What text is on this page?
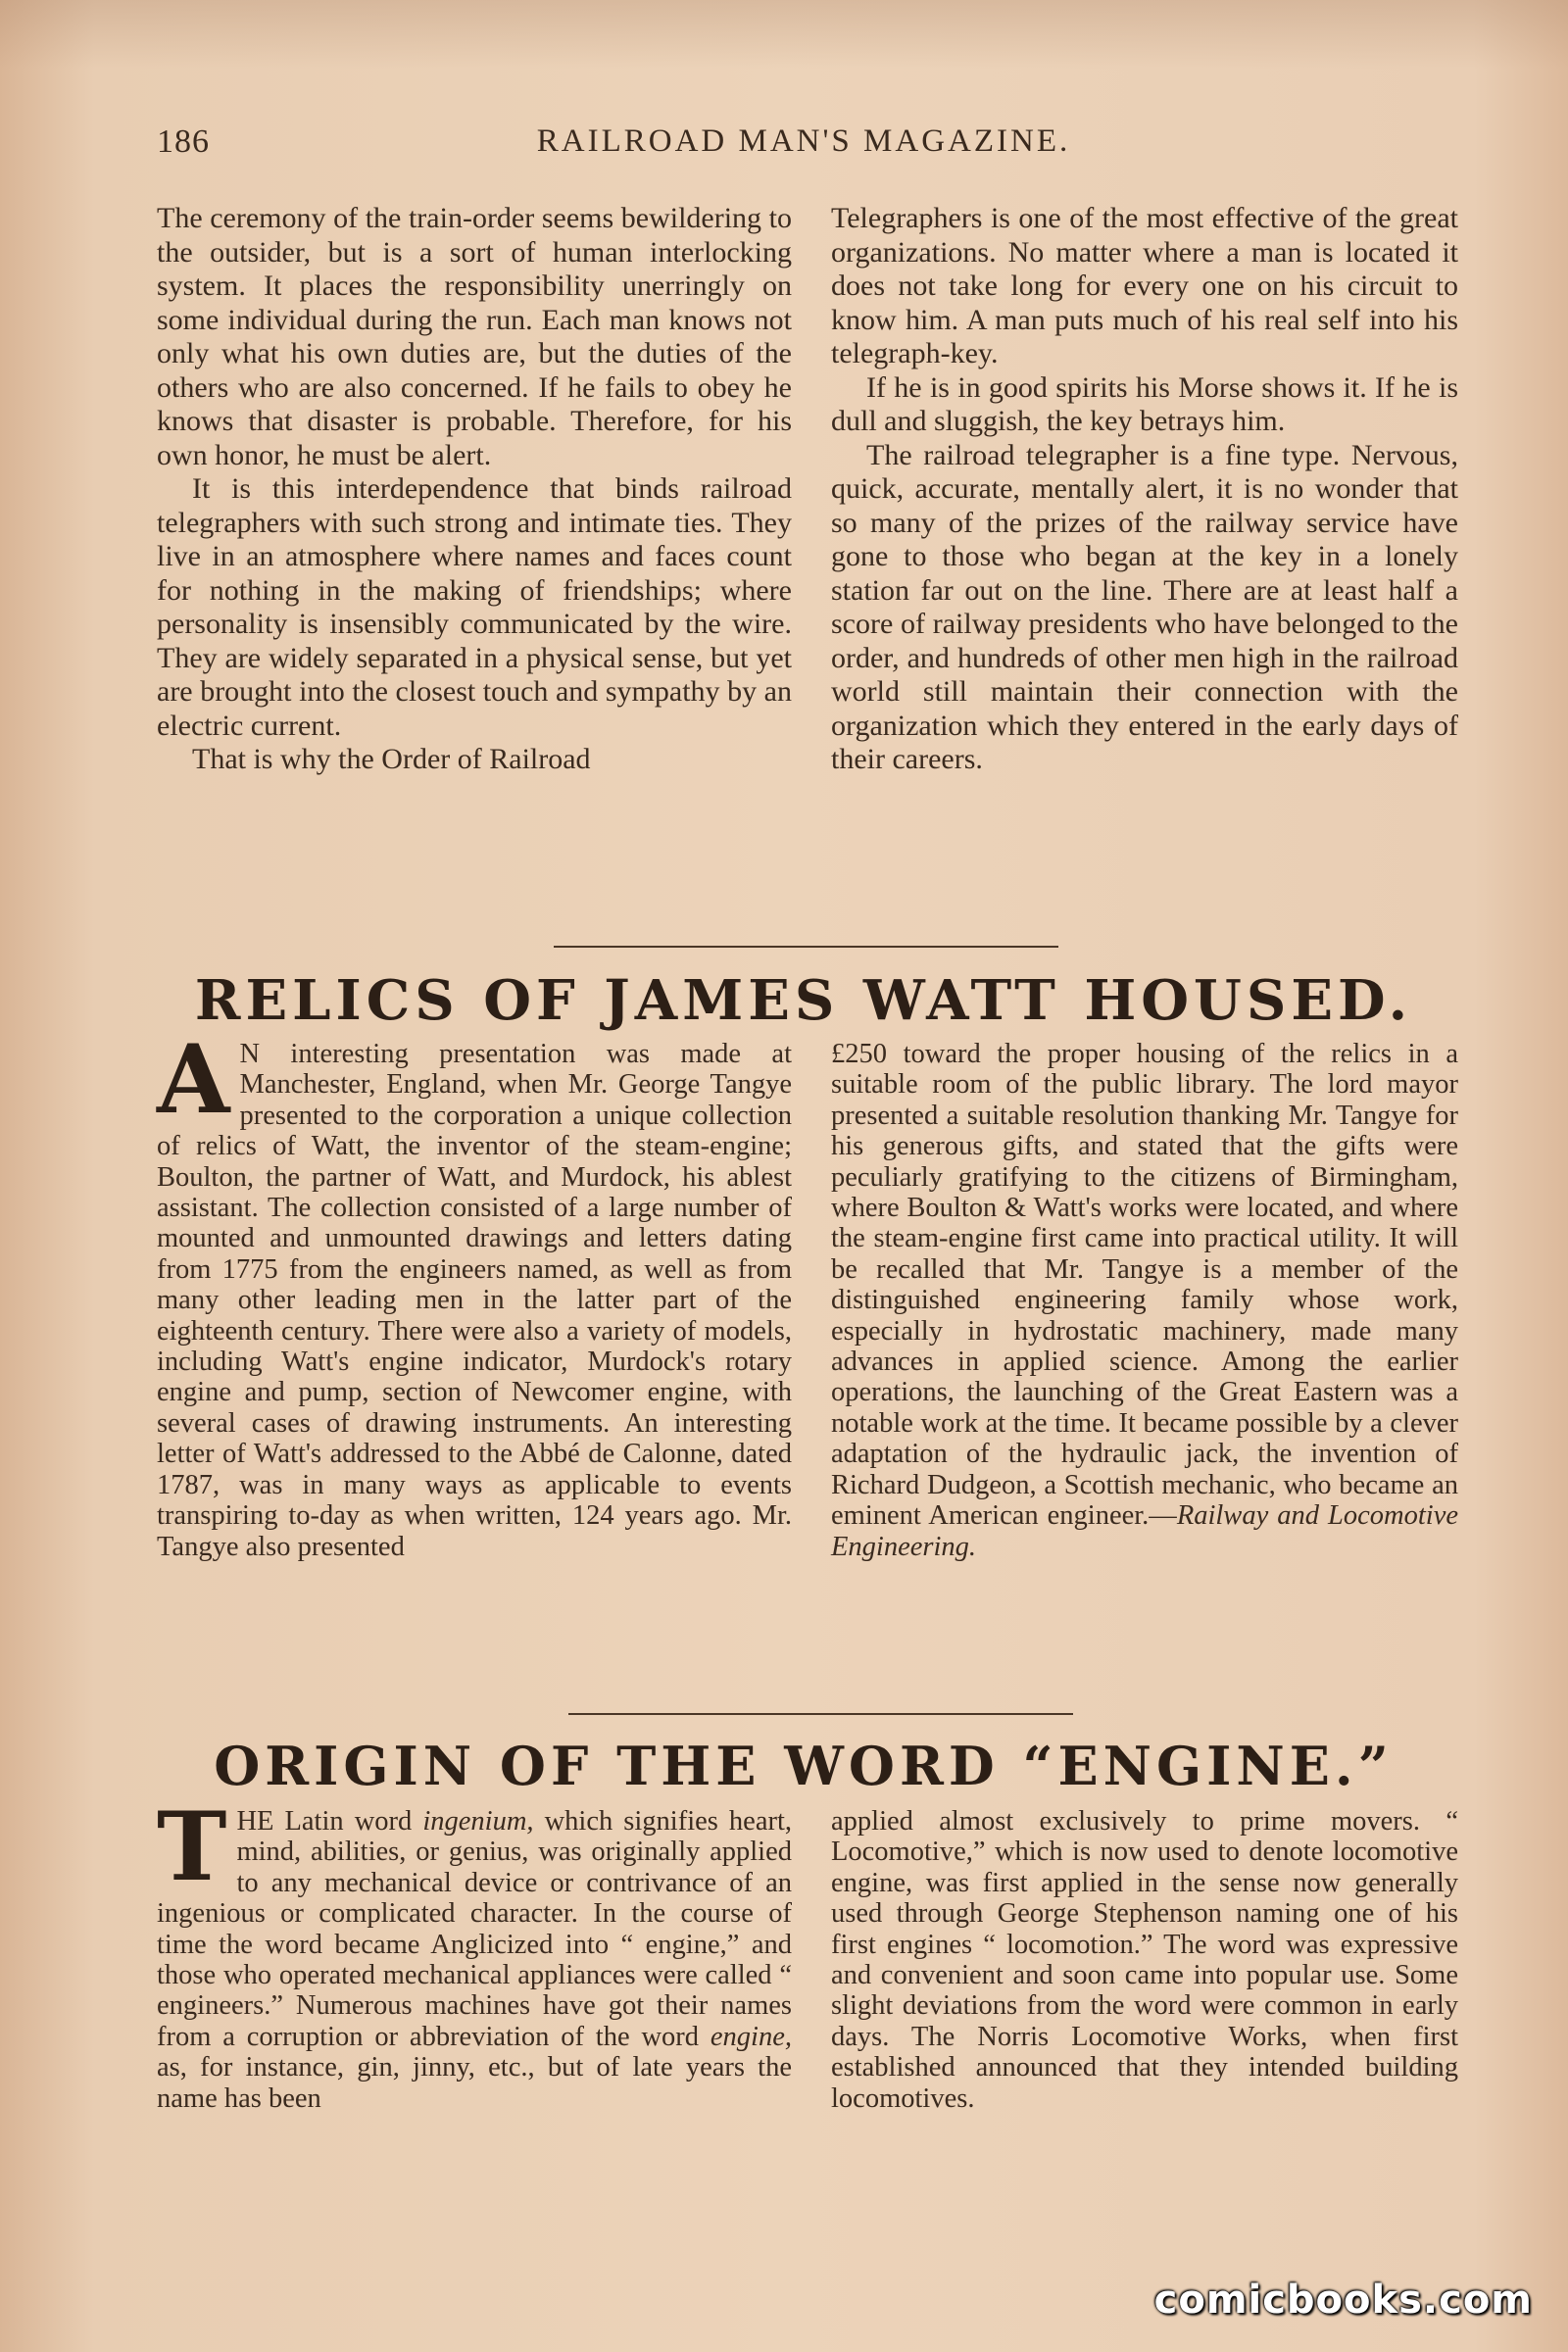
186	RAILROAD MAN'S MAGAZINE.

The ceremony of the train-order seems bewildering to the outsider, but is a sort of human interlocking system. It places the responsibility unerringly on some individual during the run. Each man knows not only what his own duties are, but the duties of the others who are also concerned. If he fails to obey he knows that disaster is probable. Therefore, for his own honor, he must be alert.

It is this interdependence that binds railroad telegraphers with such strong and intimate ties. They live in an atmosphere where names and faces count for nothing in the making of friendships; where personality is insensibly communicated by the wire. They are widely separated in a physical sense, but yet are brought into the closest touch and sympathy by an electric current.

That is why the Order of Railroad

Telegraphers is one of the most effective of the great organizations. No matter where a man is located it does not take long for every one on his circuit to know him. A man puts much of his real self into his telegraph-key.

If he is in good spirits his Morse shows it. If he is dull and sluggish, the key betrays him.

The railroad telegrapher is a fine type. Nervous, quick, accurate, mentally alert, it is no wonder that so many of the prizes of the railway service have gone to those who began at the key in a lonely station far out on the line. There are at least half a score of railway presidents who have belonged to the order, and hundreds of other men high in the railroad world still maintain their connection with the organization which they entered in the early days of their careers.

RELICS OF JAMES WATT HOUSED.

A N interesting presentation was made at Manchester, England, when Mr. George Tangye presented to the corporation a unique collection of relics of Watt, the inventor of the steam-engine; Boulton, the partner of Watt, and Murdock, his ablest assistant. The collection consisted of a large number of mounted and unmounted drawings and letters dating from 1775 from the engineers named, as well as from many other leading men in the latter part of the eighteenth century. There were also a variety of models, including Watt's engine indicator, Murdock's rotary engine and pump, section of Newcomer engine, with several cases of drawing instruments. An interesting letter of Watt's addressed to the Abbé de Calonne, dated 1787, was in many ways as applicable to events transpiring to-day as when written, 124 years ago. Mr. Tangye also presented

£250 toward the proper housing of the relics in a suitable room of the public library. The lord mayor presented a suitable resolution thanking Mr. Tangye for his generous gifts, and stated that the gifts were peculiarly gratifying to the citizens of Birmingham, where Boulton & Watt's works were located, and where the steam-engine first came into practical utility. It will be recalled that Mr. Tangye is a member of the distinguished engineering family whose work, especially in hydrostatic machinery, made many advances in applied science. Among the earlier operations, the launching of the Great Eastern was a notable work at the time. It became possible by a clever adaptation of the hydraulic jack, the invention of Richard Dudgeon, a Scottish mechanic, who became an eminent American engineer.—Railway and Locomotive Engineering.

ORIGIN OF THE WORD “ENGINE.”

THE Latin word ingenium, which signifies heart, mind, abilities, or genius, was originally applied to any mechanical device or contrivance of an ingenious or complicated character. In the course of time the word became Anglicized into “ engine,” and those who operated mechanical appliances were called “ engineers.” Numerous machines have got their names from a corruption or abbreviation of the word engine, as, for instance, gin, jinny, etc., but of late years the name has been

applied almost exclusively to prime movers. “ Locomotive,” which is now used to denote locomotive engine, was first applied in the sense now generally used through George Stephenson naming one of his first engines “ locomotion.” The word was expressive and convenient and soon came into popular use. Some slight deviations from the word were common in early days. The Norris Locomotive Works, when first established announced that they intended building locomotives.

comicbooks.com
